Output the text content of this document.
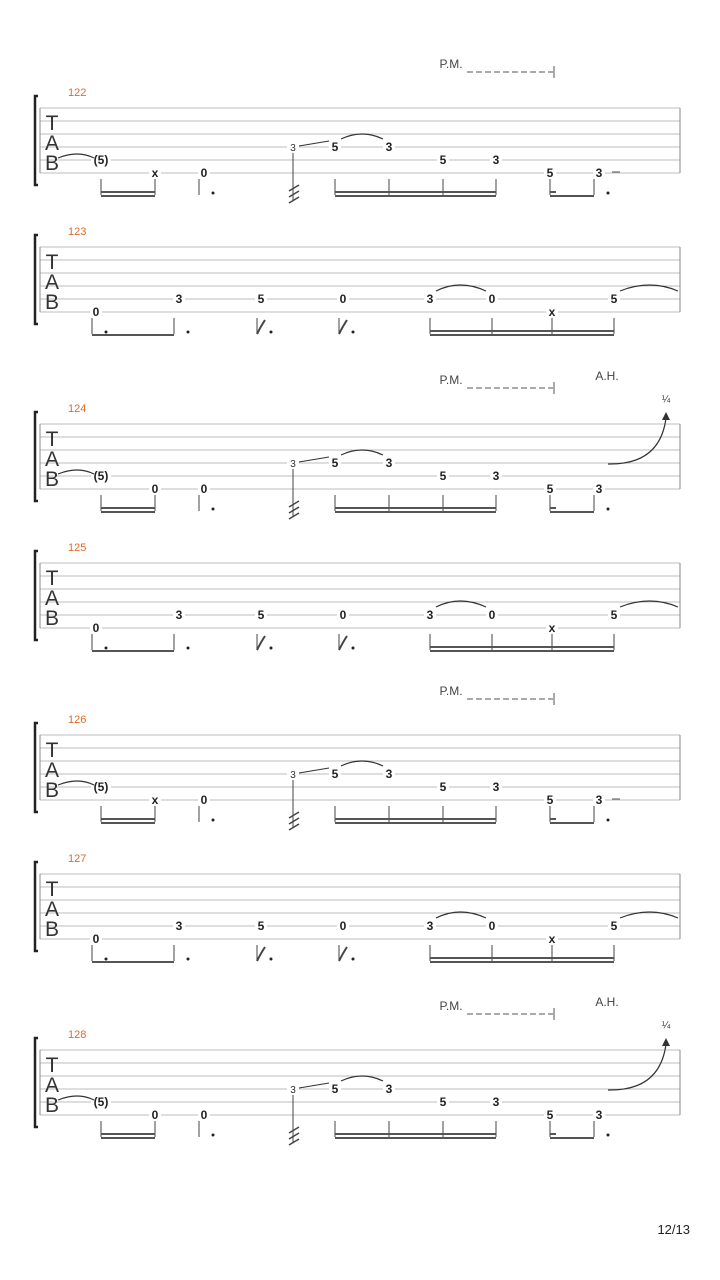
T
A
B
122
(5)
x	0
3	5	3
5	3
5	3
P.M.
T
A
B
123
0
3	5	0	3	0
x
5
T
A
B
124
(5)
0	0
3	5	3
5	3
5	3
¼
A.H.
P.M.
T
A
B
125
0
3	5	0	3	0
x
5
T
A
B
126
(5)
x	0
3	5	3
5	3
5	3
P.M.
T
A
B
127
0
3	5	0	3	0
x
5
T
A
B
128
(5)
0	0
3	5	3
5	3
5	3
¼
A.H.
P.M.
12/13
